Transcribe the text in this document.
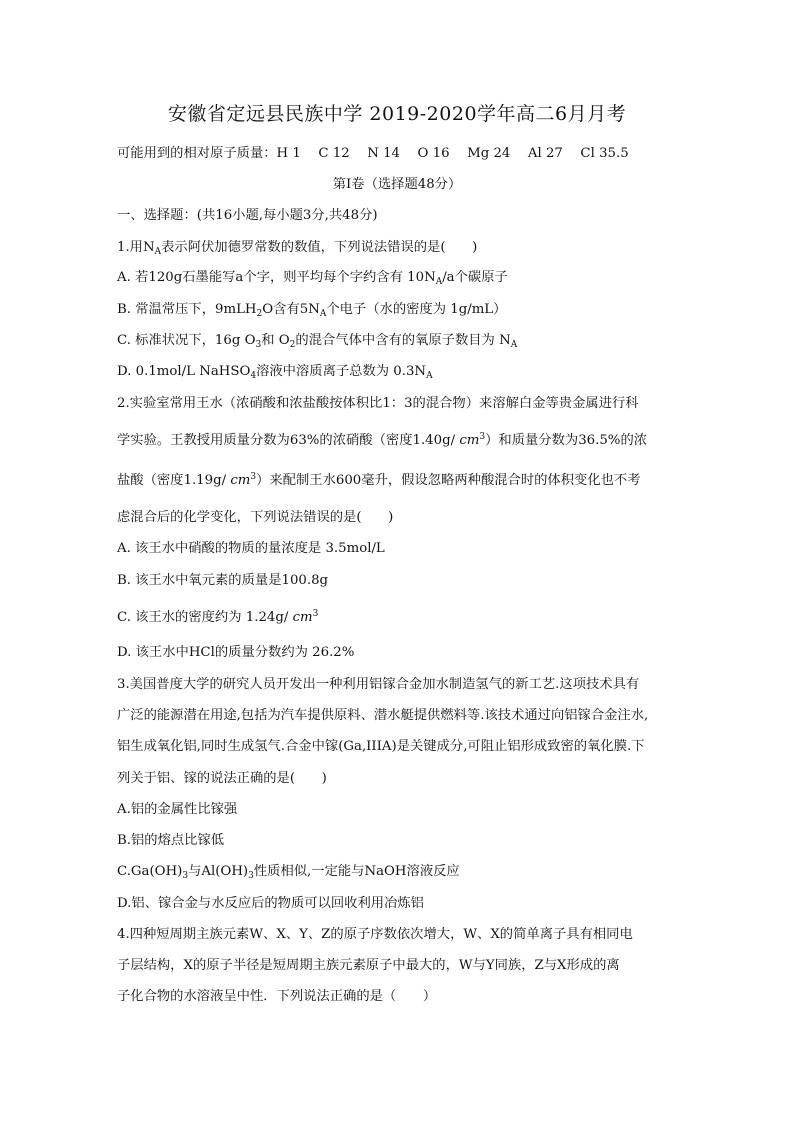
安徽省定远县民族中学 2019-2020学年高二6月月考
可能用到的相对原子质量：H 1　 C 12　 N 14　 O 16　 Mg 24　 Al 27　 Cl 35.5
第I卷（选择题48分）
一、选择题：(共16小题,每小题3分,共48分)
1.用$N_A$表示阿伏加德罗常数的数值，下列说法错误的是(　　)
A. 若120g石墨能写a个字，则平均每个字约含有 $10N_A/a$个碳原子
B. 常温常压下，9mLH$_2$O含有$5N_A$个电子（水的密度为 1g/mL）
C. 标准状况下，16g $O_3$和 $O_2$的混合气体中含有的氧原子数目为 $N_A$
D. 0.1mol/L NaHSO$_4$溶液中溶质离子总数为 $0.3N_A$
2.实验室常用王水（浓硝酸和浓盐酸按体积比1：3的混合物）来溶解白金等贵金属进行科
学实验。王教授用质量分数为63%的浓硝酸（密度1.40g/ $cm^3$）和质量分数为36.5%的浓
盐酸（密度1.19g/ $cm^3$）来配制王水600毫升，假设忽略两种酸混合时的体积变化也不考
虑混合后的化学变化，下列说法错误的是(　　)
A. 该王水中硝酸的物质的量浓度是 3.5mol/L
B. 该王水中氧元素的质量是100.8g
C. 该王水的密度约为 1.24g/ $cm^3$
D. 该王水中HCl的质量分数约为 26.2%
3.美国普度大学的研究人员开发出一种利用铝镓合金加水制造氢气的新工艺.这项技术具有
广泛的能源潜在用途,包括为汽车提供原料、潜水艇提供燃料等.该技术通过向铝镓合金注水,
铝生成氧化铝,同时生成氢气.合金中镓(Ga,IIIA)是关键成分,可阻止铝形成致密的氧化膜.下
列关于铝、镓的说法正确的是(　　)
A.铝的金属性比镓强
B.铝的熔点比镓低
$C.Ga(OH)_3$与$Al(OH)_3$性质相似,一定能与NaOH溶液反应
D.铝、镓合金与水反应后的物质可以回收利用冶炼铝
4.四种短周期主族元素W、X、Y、Z的原子序数依次增大，W、X的简单离子具有相同电
子层结构，X的原子半径是短周期主族元素原子中最大的，W与Y同族，Z与X形成的离
子化合物的水溶液呈中性．下列说法正确的是（　　）
